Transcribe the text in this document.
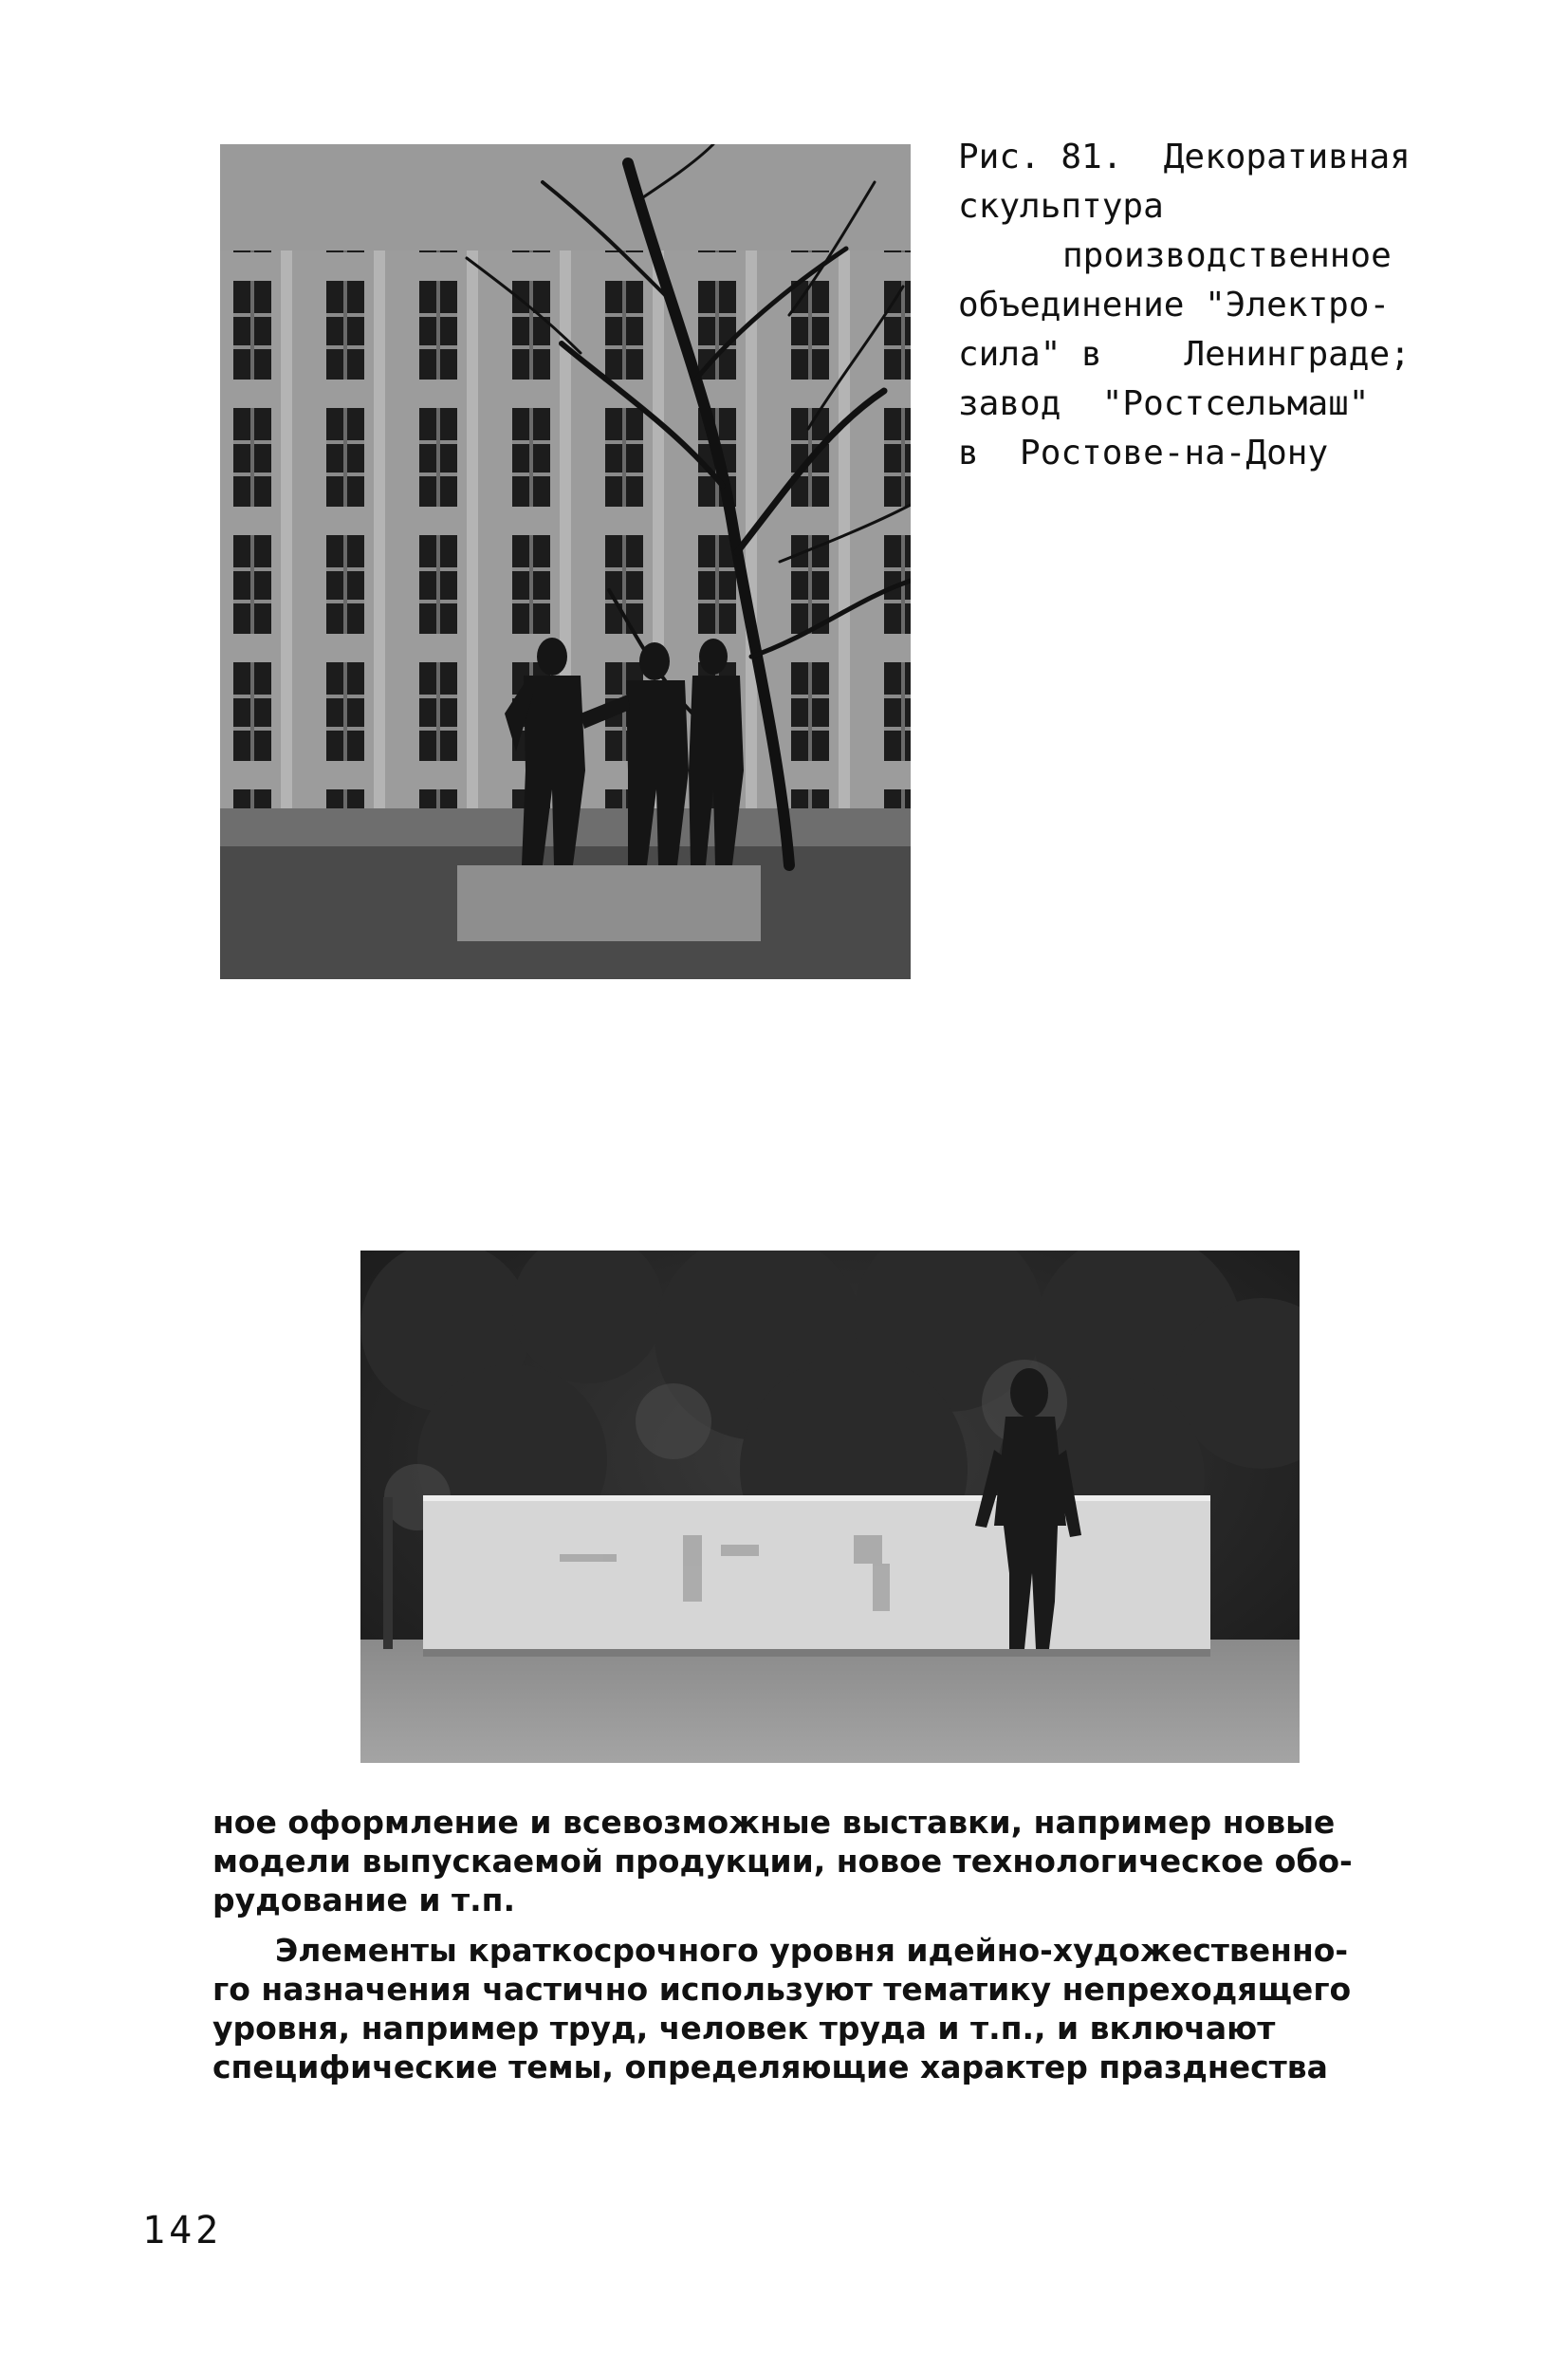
Рис. 81.  Декоративная
скульптура
производственное
объединение "Электро-
сила" в    Ленинграде;
завод  "Ростсельмаш"
в  Ростове-на-Дону
ное оформление и всевозможные выставки, например новые
модели выпускаемой продукции, новое технологическое обо-
рудование и т.п.
Элементы краткосрочного уровня идейно-художественно-
го назначения частично используют тематику непреходящего
уровня, например труд, человек труда и т.п., и включают
специфические темы, определяющие характер празднества
142
